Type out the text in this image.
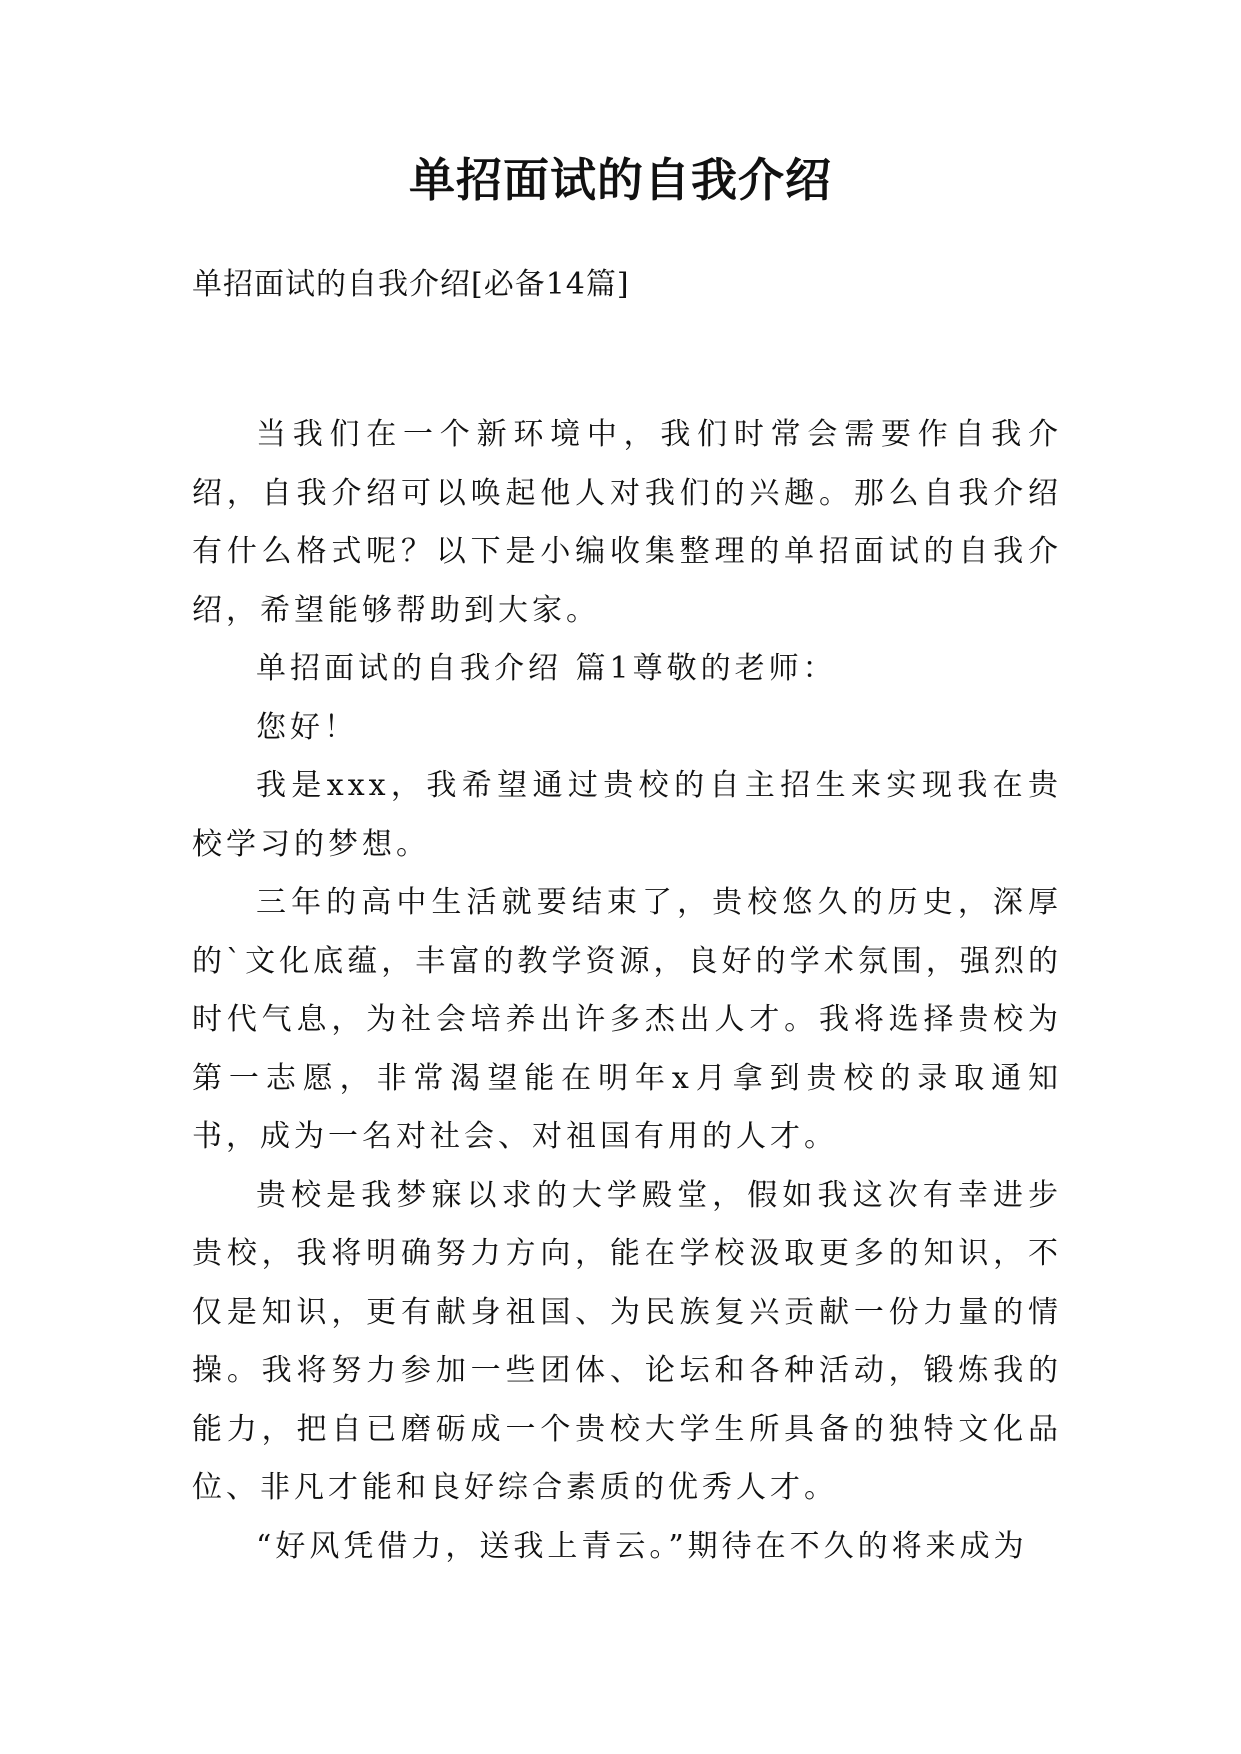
单招面试的自我介绍
单招面试的自我介绍[必备14篇]

当我们在一个新环境中，我们时常会需要作自我介绍，自我介绍可以唤起他人对我们的兴趣。那么自我介绍有什么格式呢？以下是小编收集整理的单招面试的自我介绍，希望能够帮助到大家。

单招面试的自我介绍 篇1尊敬的老师：

您好！

我是xxx，我希望通过贵校的自主招生来实现我在贵校学习的梦想。

三年的高中生活就要结束了，贵校悠久的历史，深厚的`文化底蕴，丰富的教学资源，良好的学术氛围，强烈的时代气息，为社会培养出许多杰出人才。我将选择贵校为第一志愿，非常渴望能在明年x月拿到贵校的录取通知书，成为一名对社会、对祖国有用的人才。

贵校是我梦寐以求的大学殿堂，假如我这次有幸进步贵校，我将明确努力方向，能在学校汲取更多的知识，不仅是知识，更有献身祖国、为民族复兴贡献一份力量的情操。我将努力参加一些团体、论坛和各种活动，锻炼我的能力，把自已磨砺成一个贵校大学生所具备的独特文化品位、非凡才能和良好综合素质的优秀人才。

“好风凭借力，送我上青云。”期待在不久的将来成为
